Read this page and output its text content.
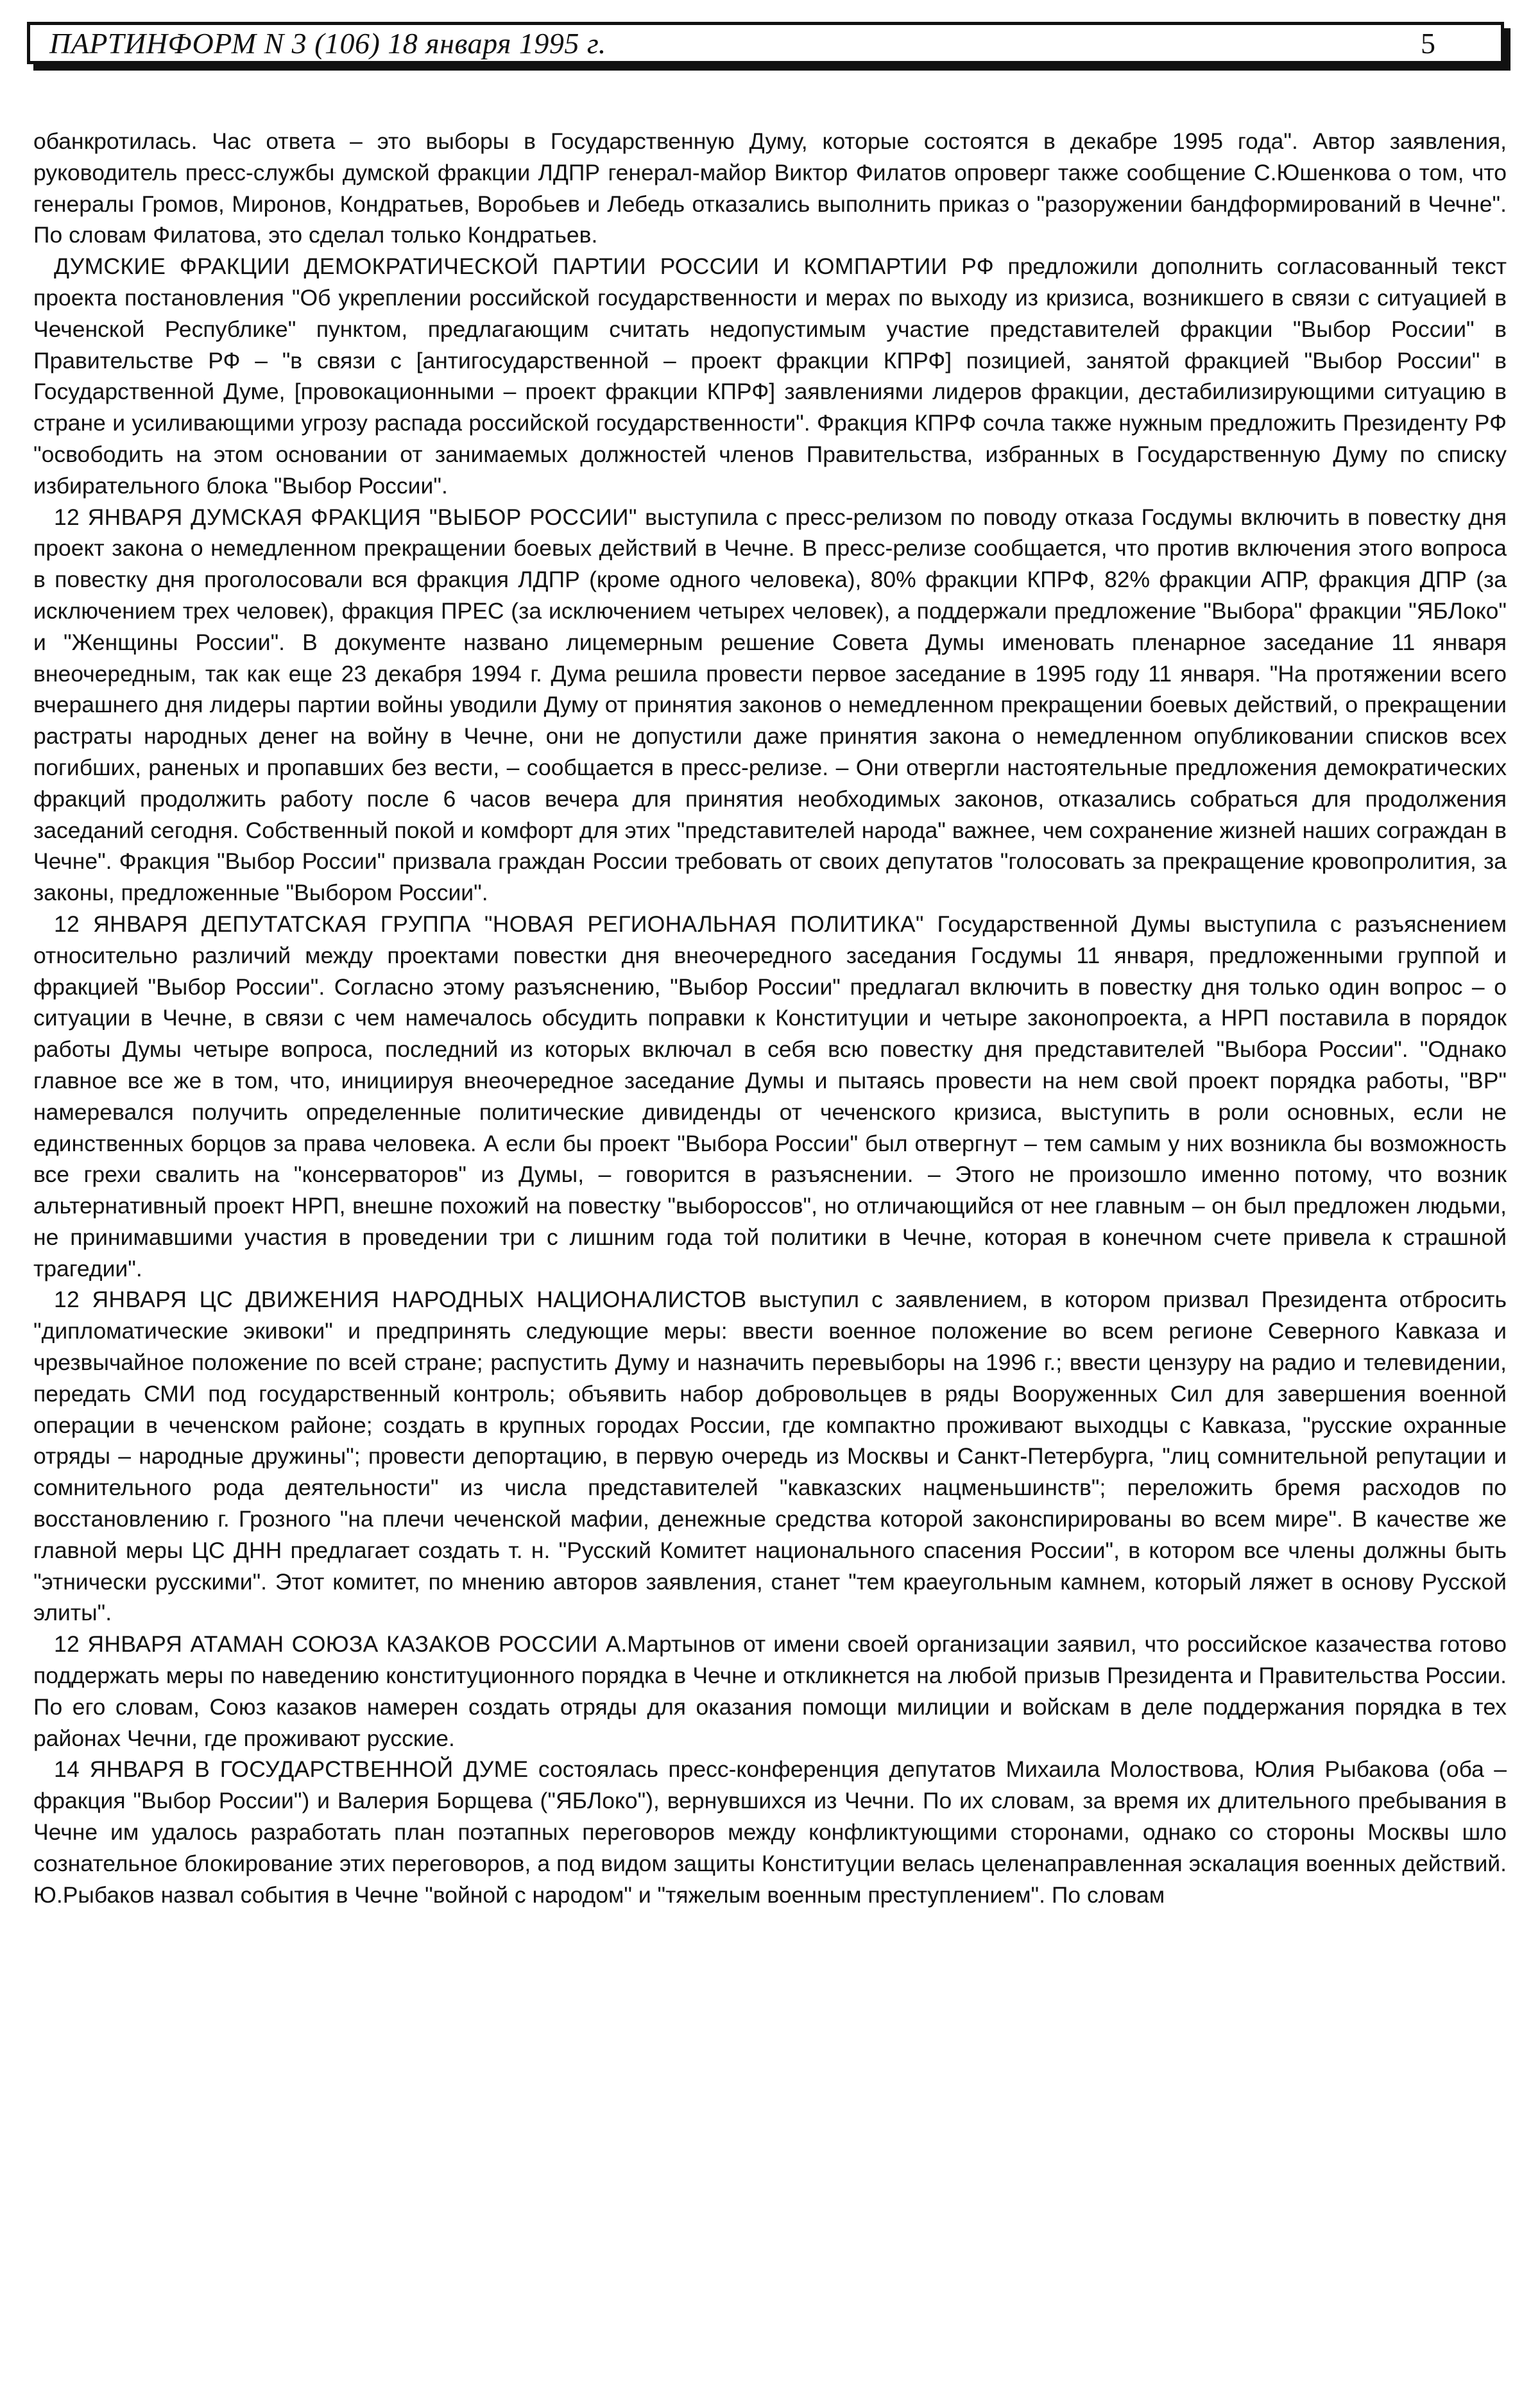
ПАРТИНФОРМ N 3 (106) 18 января 1995 г.	5

обанкротилась. Час ответа – это выборы в Государственную Думу, которые состоятся в декабре 1995 года". Автор заявления, руководитель пресс-службы думской фракции ЛДПР генерал-майор Виктор Филатов опроверг также сообщение С.Юшенкова о том, что генералы Громов, Миронов, Кондратьев, Воробьев и Лебедь отказались выполнить приказ о "разоружении бандформирований в Чечне". По словам Филатова, это сделал только Кондратьев.

ДУМСКИЕ ФРАКЦИИ ДЕМОКРАТИЧЕСКОЙ ПАРТИИ РОССИИ И КОМПАРТИИ РФ предложили дополнить согласованный текст проекта постановления "Об укреплении российской государственности и мерах по выходу из кризиса, возникшего в связи с ситуацией в Чеченской Республике" пунктом, предлагающим считать недопустимым участие представителей фракции "Выбор России" в Правительстве РФ – "в связи с [антигосударственной – проект фракции КПРФ] позицией, занятой фракцией "Выбор России" в Государственной Думе, [провокационными – проект фракции КПРФ] заявлениями лидеров фракции, дестабилизирующими ситуацию в стране и усиливающими угрозу распада российской государственности". Фракция КПРФ сочла также нужным предложить Президенту РФ "освободить на этом основании от занимаемых должностей членов Правительства, избранных в Государственную Думу по списку избирательного блока "Выбор России".

12 ЯНВАРЯ ДУМСКАЯ ФРАКЦИЯ "ВЫБОР РОССИИ" выступила с пресс-релизом по поводу отказа Госдумы включить в повестку дня проект закона о немедленном прекращении боевых действий в Чечне. В пресс-релизе сообщается, что против включения этого вопроса в повестку дня проголосовали вся фракция ЛДПР (кроме одного человека), 80% фракции КПРФ, 82% фракции АПР, фракция ДПР (за исключением трех человек), фракция ПРЕС (за исключением четырех человек), а поддержали предложение "Выбора" фракции "ЯБЛоко" и "Женщины России". В документе названо лицемерным решение Совета Думы именовать пленарное заседание 11 января внеочередным, так как еще 23 декабря 1994 г. Дума решила провести первое заседание в 1995 году 11 января. "На протяжении всего вчерашнего дня лидеры партии войны уводили Думу от принятия законов о немедленном прекращении боевых действий, о прекращении растраты народных денег на войну в Чечне, они не допустили даже принятия закона о немедленном опубликовании списков всех погибших, раненых и пропавших без вести, – сообщается в пресс-релизе. – Они отвергли настоятельные предложения демократических фракций продолжить работу после 6 часов вечера для принятия необходимых законов, отказались собраться для продолжения заседаний сегодня. Собственный покой и комфорт для этих "представителей народа" важнее, чем сохранение жизней наших сограждан в Чечне". Фракция "Выбор России" призвала граждан России требовать от своих депутатов "голосовать за прекращение кровопролития, за законы, предложенные "Выбором России".

12 ЯНВАРЯ ДЕПУТАТСКАЯ ГРУППА "НОВАЯ РЕГИОНАЛЬНАЯ ПОЛИТИКА" Государственной Думы выступила с разъяснением относительно различий между проектами повестки дня внеочередного заседания Госдумы 11 января, предложенными группой и фракцией "Выбор России". Согласно этому разъяснению, "Выбор России" предлагал включить в повестку дня только один вопрос – о ситуации в Чечне, в связи с чем намечалось обсудить поправки к Конституции и четыре законопроекта, а НРП поставила в порядок работы Думы четыре вопроса, последний из которых включал в себя всю повестку дня представителей "Выбора России". "Однако главное все же в том, что, инициируя внеочередное заседание Думы и пытаясь провести на нем свой проект порядка работы, "ВР" намеревался получить определенные политические дивиденды от чеченского кризиса, выступить в роли основных, если не единственных борцов за права человека. А если бы проект "Выбора России" был отвергнут – тем самым у них возникла бы возможность все грехи свалить на "консерваторов" из Думы, – говорится в разъяснении. – Этого не произошло именно потому, что возник альтернативный проект НРП, внешне похожий на повестку "выбороссов", но отличающийся от нее главным – он был предложен людьми, не принимавшими участия в проведении три с лишним года той политики в Чечне, которая в конечном счете привела к страшной трагедии".

12 ЯНВАРЯ ЦС ДВИЖЕНИЯ НАРОДНЫХ НАЦИОНАЛИСТОВ выступил с заявлением, в котором призвал Президента отбросить "дипломатические экивоки" и предпринять следующие меры: ввести военное положение во всем регионе Северного Кавказа и чрезвычайное положение по всей стране; распустить Думу и назначить перевыборы на 1996 г.; ввести цензуру на радио и телевидении, передать СМИ под государственный контроль; объявить набор добровольцев в ряды Вооруженных Сил для завершения военной операции в чеченском районе; создать в крупных городах России, где компактно проживают выходцы с Кавказа, "русские охранные отряды – народные дружины"; провести депортацию, в первую очередь из Москвы и Санкт-Петербурга, "лиц сомнительной репутации и сомнительного рода деятельности" из числа представителей "кавказских нацменьшинств"; переложить бремя расходов по восстановлению г. Грозного "на плечи чеченской мафии, денежные средства которой законспирированы во всем мире". В качестве же главной меры ЦС ДНН предлагает создать т. н. "Русский Комитет национального спасения России", в котором все члены должны быть "этнически русскими". Этот комитет, по мнению авторов заявления, станет "тем краеугольным камнем, который ляжет в основу Русской элиты".

12 ЯНВАРЯ АТАМАН СОЮЗА КАЗАКОВ РОССИИ А.Мартынов от имени своей организации заявил, что российское казачества готово поддержать меры по наведению конституционного порядка в Чечне и откликнется на любой призыв Президента и Правительства России. По его словам, Союз казаков намерен создать отряды для оказания помощи милиции и войскам в деле поддержания порядка в тех районах Чечни, где проживают русские.

14 ЯНВАРЯ В ГОСУДАРСТВЕННОЙ ДУМЕ состоялась пресс-конференция депутатов Михаила Молоствова, Юлия Рыбакова (оба – фракция "Выбор России") и Валерия Борщева ("ЯБЛоко"), вернувшихся из Чечни. По их словам, за время их длительного пребывания в Чечне им удалось разработать план поэтапных переговоров между конфликтующими сторонами, однако со стороны Москвы шло сознательное блокирование этих переговоров, а под видом защиты Конституции велась целенаправленная эскалация военных действий. Ю.Рыбаков назвал события в Чечне "войной с народом" и "тяжелым военным преступлением". По словам
